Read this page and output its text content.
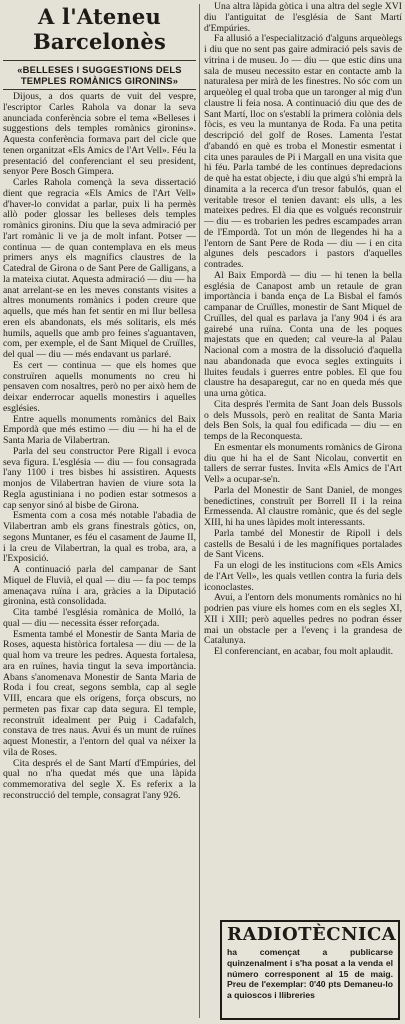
A l'Ateneu Barcelonès
«BELLESES I SUGGESTIONS DELS TEMPLES ROMÀNICS GIRONINS»

Dijous, a dos quarts de vuit del vespre, l'escriptor Carles Rahola va donar la seva anunciada conferència sobre el tema «Belleses i suggestions dels temples romànics gironins». Aquesta conferència formava part del cicle que tenen organitzat «Els Amics de l'Art Vell». Féu la presentació del conferenciant el seu president, senyor Pere Bosch Gimpera.

Carles Rahola començà la seva dissertació dient que regracia «Els Amics de l'Art Vell» d'haver-lo convidat a parlar, puix li ha permès allò poder glossar les belleses dels temples romànics gironins. Diu que la seva admiració per l'art romànic li ve ja de molt infant. Potser — continua — de quan contemplava en els meus primers anys els magnífics claustres de la Catedral de Girona o de Sant Pere de Galligans, a la mateixa ciutat. Aquesta admiració — diu — ha anat arrelant-se en les meves constants visites a altres monuments romànics i poden creure que aquells, que més han fet sentir en mi llur bellesa eren els abandonats, els més solitaris, els més humils, aquells que amb pro feines s'aguantaven, com, per exemple, el de Sant Miquel de Cruïlles, del qual — diu — més endavant us parlaré.

Es cert — continua — que els homes que construïren aquells monuments no creu hi pensaven com nosaltres, però no per això hem de deixar enderrocar aquells monestirs i aquelles esglésies.

Entre aquells monuments romànics del Baix Empordà que més estimo — diu — hi ha el de Santa Maria de Vilabertran.

Parla del seu constructor Pere Rigall i evoca seva figura. L'església — diu — fou consagrada l'any 1100 i tres bisbes hi assistiren. Aquests monjos de Vilabertran havien de viure sota la Regla agustiniana i no podien estar sotmesos a cap senyor sinó al bisbe de Girona.

Esmenta com a cosa més notable l'abadia de Vilabertran amb els grans finestrals gòtics, on, segons Muntaner, es féu el casament de Jaume II, i la creu de Vilabertran, la qual es troba, ara, a l'Exposició.

A continuació parla del campanar de Sant Miquel de Fluvià, el qual — diu — fa poc temps amenaçava ruïna i ara, gràcies a la Diputació gironina, està consolidada.

Cita també l'església romànica de Molló, la qual — diu — necessita ésser reforçada.

Esmenta també el Monestir de Santa Maria de Roses, aquesta històrica fortalesa — diu — de la qual hom va treure les pedres. Aquesta fortalesa, ara en ruïnes, havia tingut la seva importància. Abans s'anomenava Monestir de Santa Maria de Roda i fou creat, segons sembla, cap al segle VIII, encara que els orígens, força obscurs, no permeten pas fixar cap data segura. El temple, reconstruït idealment per Puig i Cadafalch, constava de tres naus. Avui és un munt de ruïnes aquest Monestir, a l'entorn del qual va néixer la vila de Roses.

Cita després el de Sant Martí d'Empúries, del qual no n'ha quedat més que una làpida commemorativa del segle X. Es referix a la reconstrucció del temple, consagrat l'any 926.

Una altra làpida gòtica i una altra del segle XVI diu l'antiguitat de l'església de Sant Martí d'Empúries.

Fa allusió a l'especialització d'alguns arqueòlegs i diu que no sent pas gaire admiració pels savis de vitrina i de museu. Jo — diu — que estic dins una sala de museu necessito estar en contacte amb la naturalesa per mirà de les finestres. No sóc com un arqueòleg el qual troba que un taronger al mig d'un claustre li feia nosa. A continuació diu que des de Sant Martí, lloc on s'establí la primera colònia dels fòcis, es veu la muntanya de Roda. Fa una petita descripció del golf de Roses. Lamenta l'estat d'abandó en què es troba el Monestir esmentat i cita unes paraules de Pi i Margall en una visita que hi féu. Parla també de les contínues depredacions de què ha estat objecte, i diu que algú s'hi emprà la dinamita a la recerca d'un tresor fabulós, quan el veritable tresor el tenien davant: els ulls, a les mateixes pedres. El dia que es volgués reconstruir — diu — es trobarien les pedres escampades arran de l'Empordà. Tot un món de llegendes hi ha a l'entorn de Sant Pere de Roda — diu — i en cita algunes dels pescadors i pastors d'aquelles contrades.

Al Baix Empordà — diu — hi tenen la bella església de Canapost amb un retaule de gran importància i banda ença de La Bisbal el famós campanar de Cruïlles, monestir de Sant Miquel de Cruïlles, del qual es parlava ja l'any 904 i és ara gairebé una ruïna. Conta una de les poques majestats que en queden; cal veure-la al Palau Nacional com a mostra de la dissolució d'aquella nau abandonada que evoca segles extinguits i lluites feudals i guerres entre pobles. El que fou claustre ha desaparegut, car no en queda més que una urna gòtica.

Cita després l'ermita de Sant Joan dels Bussols o dels Mussols, però en realitat de Santa Maria dels Ben Sols, la qual fou edificada — diu — en temps de la Reconquesta.

En esmentar els monuments romànics de Girona diu que hi ha el de Sant Nicolau, convertit en tallers de serrar fustes. Invita «Els Amics de l'Art Vell» a ocupar-se'n.

Parla del Monestir de Sant Daniel, de monges benedictines, construït per Borrell II i la reina Ermessenda. Al claustre romànic, que és del segle XIII, hi ha unes làpides molt interessants.

Parla també del Monestir de Ripoll i dels castells de Besalú i de les magnífiques portalades de Sant Vicens.

Fa un elogi de les institucions com «Els Amics de l'Art Vell», les quals vetllen contra la furia dels iconoclastes.

Avui, a l'entorn dels monuments romànics no hi podrien pas viure els homes com en els segles XI, XII i XIII; però aquelles pedres no podran ésser mai un obstacle per a l'evenç i la grandesa de Catalunya.

El conferenciant, en acabar, fou molt aplaudit.

RADIOTÈCNICA
ha començat a publicarse quinzenalment i s'ha posat a la venda el número corresponent al 15 de maig. Preu de l'exemplar: 0'40 pts Demaneu-lo a quioscos i llibreries
